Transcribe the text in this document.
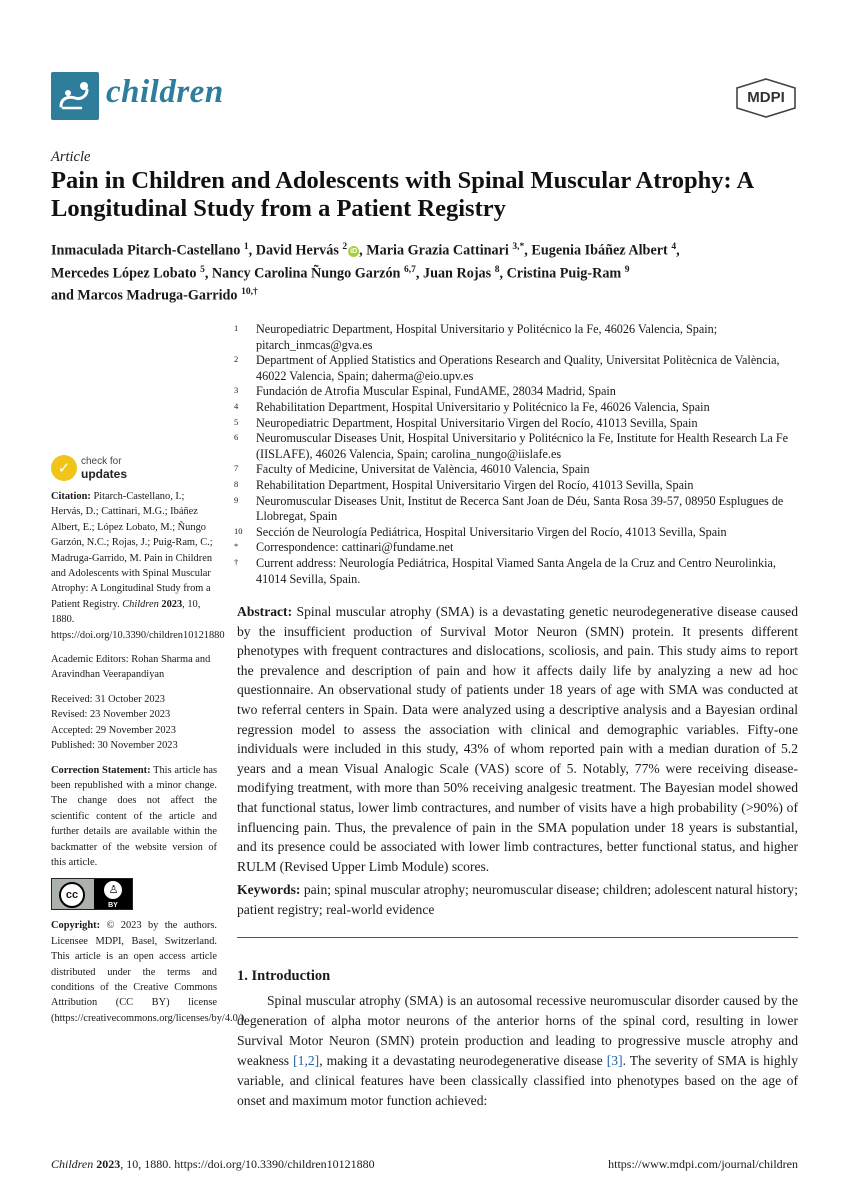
children	MDPI
Article
Pain in Children and Adolescents with Spinal Muscular Atrophy: A Longitudinal Study from a Patient Registry
Inmaculada Pitarch-Castellano $^1$, David Hervás $^2$ iD , Maria Grazia Cattinari $^{3,*}$, Eugenia Ibáñez Albert $^4$,
Mercedes López Lobato $^5$, Nancy Carolina Ñungo Garzón $^{6,7}$, Juan Rojas $^8$, Cristina Puig-Ram $^9$
and Marcos Madruga-Garrido $^{10,\dagger}$
1 Neuropediatric Department, Hospital Universitario y Politécnico la Fe, 46026 Valencia, Spain; pitarch_inmcas@gva.es
2 Department of Applied Statistics and Operations Research and Quality, Universitat Politècnica de València, 46022 Valencia, Spain; daherma@eio.upv.es
3 Fundación de Atrofia Muscular Espinal, FundAME, 28034 Madrid, Spain
4 Rehabilitation Department, Hospital Universitario y Politécnico la Fe, 46026 Valencia, Spain
5 Neuropediatric Department, Hospital Universitario Virgen del Rocío, 41013 Sevilla, Spain
6 Neuromuscular Diseases Unit, Hospital Universitario y Politécnico la Fe, Institute for Health Research La Fe (IISLAFE), 46026 Valencia, Spain; carolina_nungo@iislafe.es
7 Faculty of Medicine, Universitat de València, 46010 Valencia, Spain
8 Rehabilitation Department, Hospital Universitario Virgen del Rocío, 41013 Sevilla, Spain
9 Neuromuscular Diseases Unit, Institut de Recerca Sant Joan de Déu, Santa Rosa 39-57, 08950 Esplugues de Llobregat, Spain
10 Sección de Neurología Pediátrica, Hospital Universitario Virgen del Rocío, 41013 Sevilla, Spain
* Correspondence: cattinari@fundame.net
† Current address: Neurología Pediátrica, Hospital Viamed Santa Angela de la Cruz and Centro Neurolinkia, 41014 Sevilla, Spain.
✓	check for
updates

Citation: Pitarch-Castellano, I.; Hervás, D.; Cattinari, M.G.; Ibáñez Albert, E.; López Lobato, M.; Ñungo Garzón, N.C.; Rojas, J.; Puig-Ram, C.; Madruga-Garrido, M. Pain in Children and Adolescents with Spinal Muscular Atrophy: A Longitudinal Study from a Patient Registry. Children 2023, 10, 1880. https://doi.org/10.3390/children10121880

Academic Editors: Rohan Sharma and Aravindhan Veerapandiyan

Received: 31 October 2023

Revised: 23 November 2023

Accepted: 29 November 2023

Published: 30 November 2023

Correction Statement: This article has been republished with a minor change. The change does not affect the scientific content of the article and further details are available within the backmatter of the website version of this article.

cc	♙
BY

Copyright: © 2023 by the authors. Licensee MDPI, Basel, Switzerland. This article is an open access article distributed under the terms and conditions of the Creative Commons Attribution (CC BY) license (https://creativecommons.org/licenses/by/4.0/).

Abstract: Spinal muscular atrophy (SMA) is a devastating genetic neurodegenerative disease caused by the insufficient production of Survival Motor Neuron (SMN) protein. It presents different phenotypes with frequent contractures and dislocations, scoliosis, and pain. This study aims to report the prevalence and description of pain and how it affects daily life by analyzing a new ad hoc questionnaire. An observational study of patients under 18 years of age with SMA was conducted at two referral centers in Spain. Data were analyzed using a descriptive analysis and a Bayesian ordinal regression model to assess the association with clinical and demographic variables. Fifty-one individuals were included in this study, 43% of whom reported pain with a median duration of 5.2 years and a mean Visual Analogic Scale (VAS) score of 5. Notably, 77% were receiving disease-modifying treatment, with more than 50% receiving analgesic treatment. The Bayesian model showed that functional status, lower limb contractures, and number of visits have a high probability (>90%) of influencing pain. Thus, the prevalence of pain in the SMA population under 18 years is substantial, and its presence could be associated with lower limb contractures, better functional status, and higher RULM (Revised Upper Limb Module) scores.
Keywords: pain; spinal muscular atrophy; neuromuscular disease; children; adolescent natural history; patient registry; real-world evidence
1. Introduction
Spinal muscular atrophy (SMA) is an autosomal recessive neuromuscular disorder caused by the degeneration of alpha motor neurons of the anterior horns of the spinal cord, resulting in lower Survival Motor Neuron (SMN) protein production and leading to progressive muscle atrophy and weakness [1,2], making it a devastating neurodegenerative disease [3]. The severity of SMA is highly variable, and clinical features have been classically classified into phenotypes based on the age of onset and maximum motor function achieved:
Children 2023, 10, 1880. https://doi.org/10.3390/children10121880	https://www.mdpi.com/journal/children
